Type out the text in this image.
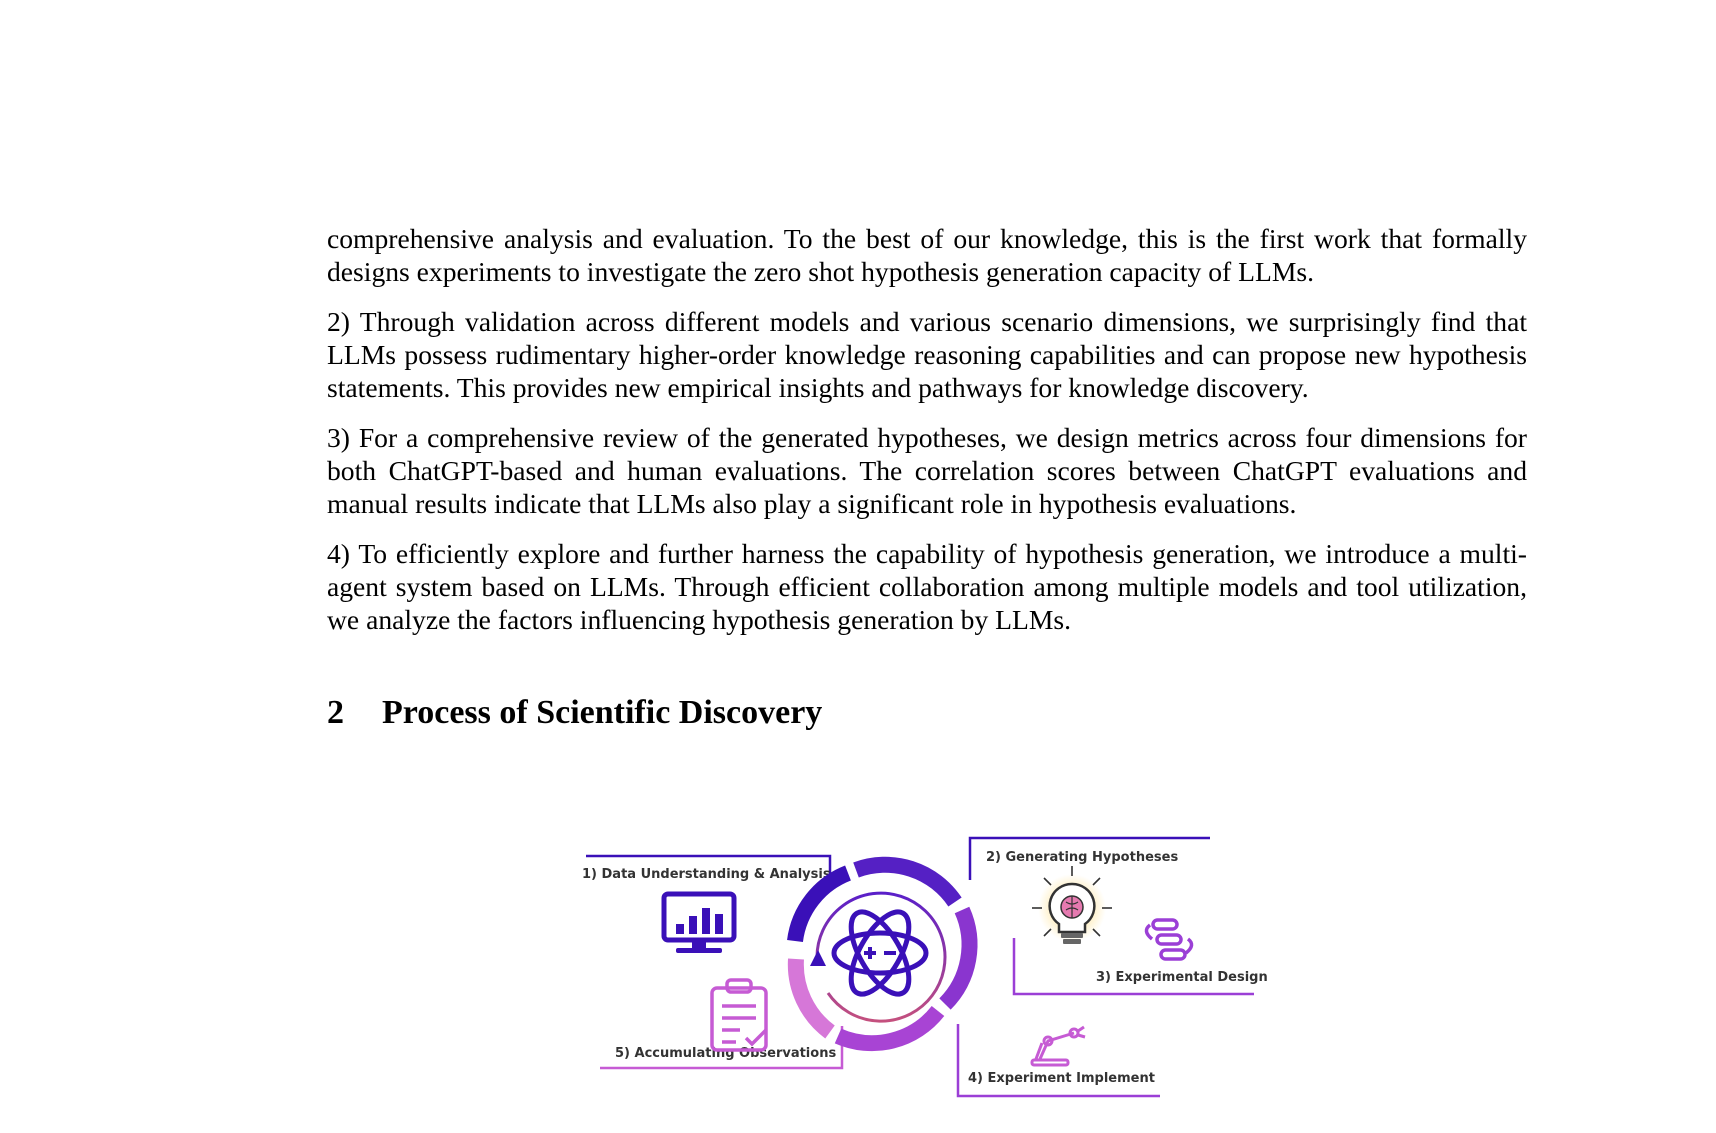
comprehensive analysis and evaluation. To the best of our knowledge, this is the first work that formally designs experiments to investigate the zero shot hypothesis generation capacity of LLMs.

2) Through validation across different models and various scenario dimensions, we surprisingly find that LLMs possess rudimentary higher-order knowledge reasoning capabilities and can propose new hypothesis statements. This provides new empirical insights and pathways for knowledge discovery.

3) For a comprehensive review of the generated hypotheses, we design metrics across four dimensions for both ChatGPT-based and human evaluations. The correlation scores between ChatGPT evaluations and manual results indicate that LLMs also play a significant role in hypothesis evaluations.

4) To efficiently explore and further harness the capability of hypothesis generation, we introduce a multi-agent system based on LLMs. Through efficient collaboration among multiple models and tool utilization, we analyze the factors influencing hypothesis generation by LLMs.

2 Process of Scientific Discovery
1) Data Understanding & Analysis
2) Generating Hypotheses
3) Experimental Design
4) Experiment Implement
5) Accumulating Observations
